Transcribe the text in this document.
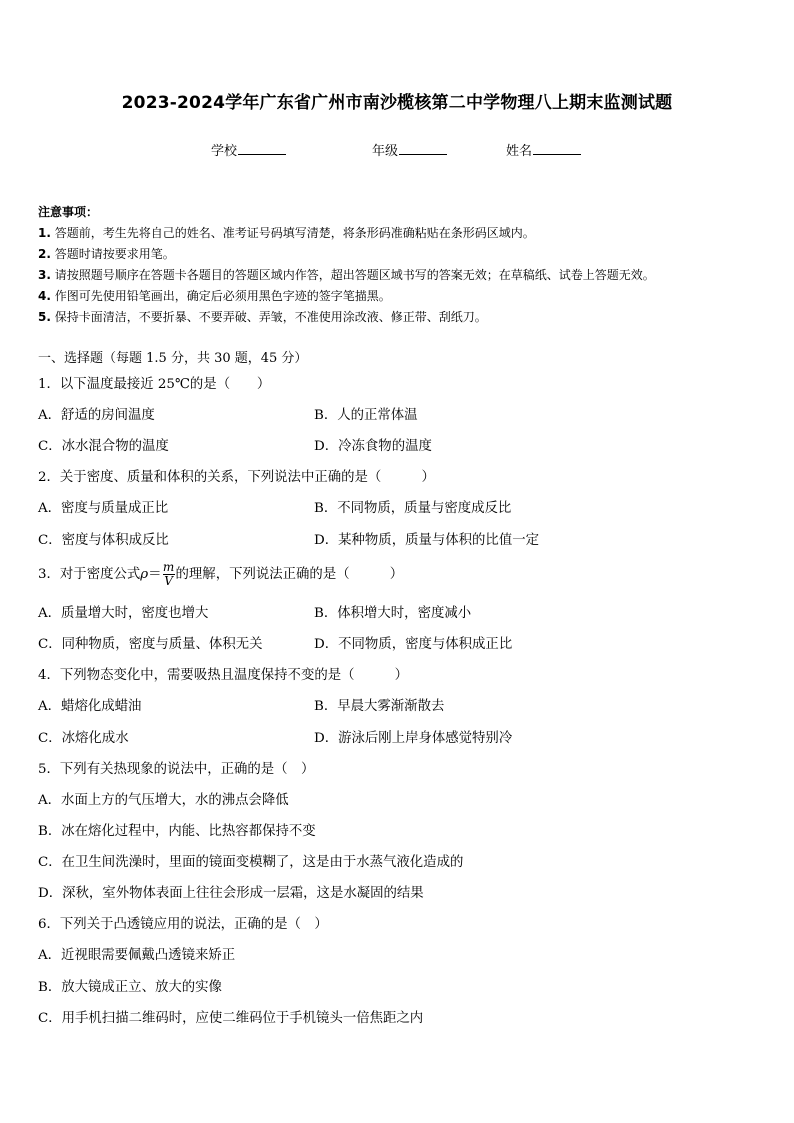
2023-2024学年广东省广州市南沙榄核第二中学物理八上期末监测试题
学校	年级	姓名
注意事项：
1. 答题前，考生先将自己的姓名、准考证号码填写清楚，将条形码准确粘贴在条形码区域内。
2. 答题时请按要求用笔。
3. 请按照题号顺序在答题卡各题目的答题区域内作答，超出答题区域书写的答案无效；在草稿纸、试卷上答题无效。
4. 作图可先使用铅笔画出，确定后必须用黑色字迹的签字笔描黑。
5. 保持卡面清洁，不要折暴、不要弄破、弄皱，不准使用涂改液、修正带、刮纸刀。
一、选择题（每题 1.5 分，共 30 题，45 分）
1．以下温度最接近 25℃的是（　　）
A．舒适的房间温度	B．人的正常体温
C．冰水混合物的温度	D．冷冻食物的温度
2．关于密度、质量和体积的关系，下列说法中正确的是（　　　）
A．密度与质量成正比	B．不同物质，质量与密度成反比
C．密度与体积成反比	D．某种物质，质量与体积的比值一定
3．对于密度公式$\rho= \frac{m}{V}$ 的理解，下列说法正确的是（　　　）
A．质量增大时，密度也增大	B．体积增大时，密度减小
C．同种物质，密度与质量、体积无关	D．不同物质，密度与体积成正比
4．下列物态变化中，需要吸热且温度保持不变的是（　　　）
A．蜡熔化成蜡油	B．早晨大雾渐渐散去
C．冰熔化成水	D．游泳后刚上岸身体感觉特别冷
5．下列有关热现象的说法中，正确的是（　）
A．水面上方的气压增大，水的沸点会降低
B．冰在熔化过程中，内能、比热容都保持不变
C．在卫生间洗澡时，里面的镜面变模糊了，这是由于水蒸气液化造成的
D．深秋，室外物体表面上往往会形成一层霜，这是水凝固的结果
6．下列关于凸透镜应用的说法，正确的是（　）
A．近视眼需要佩戴凸透镜来矫正
B．放大镜成正立、放大的实像
C．用手机扫描二维码时，应使二维码位于手机镜头一倍焦距之内
